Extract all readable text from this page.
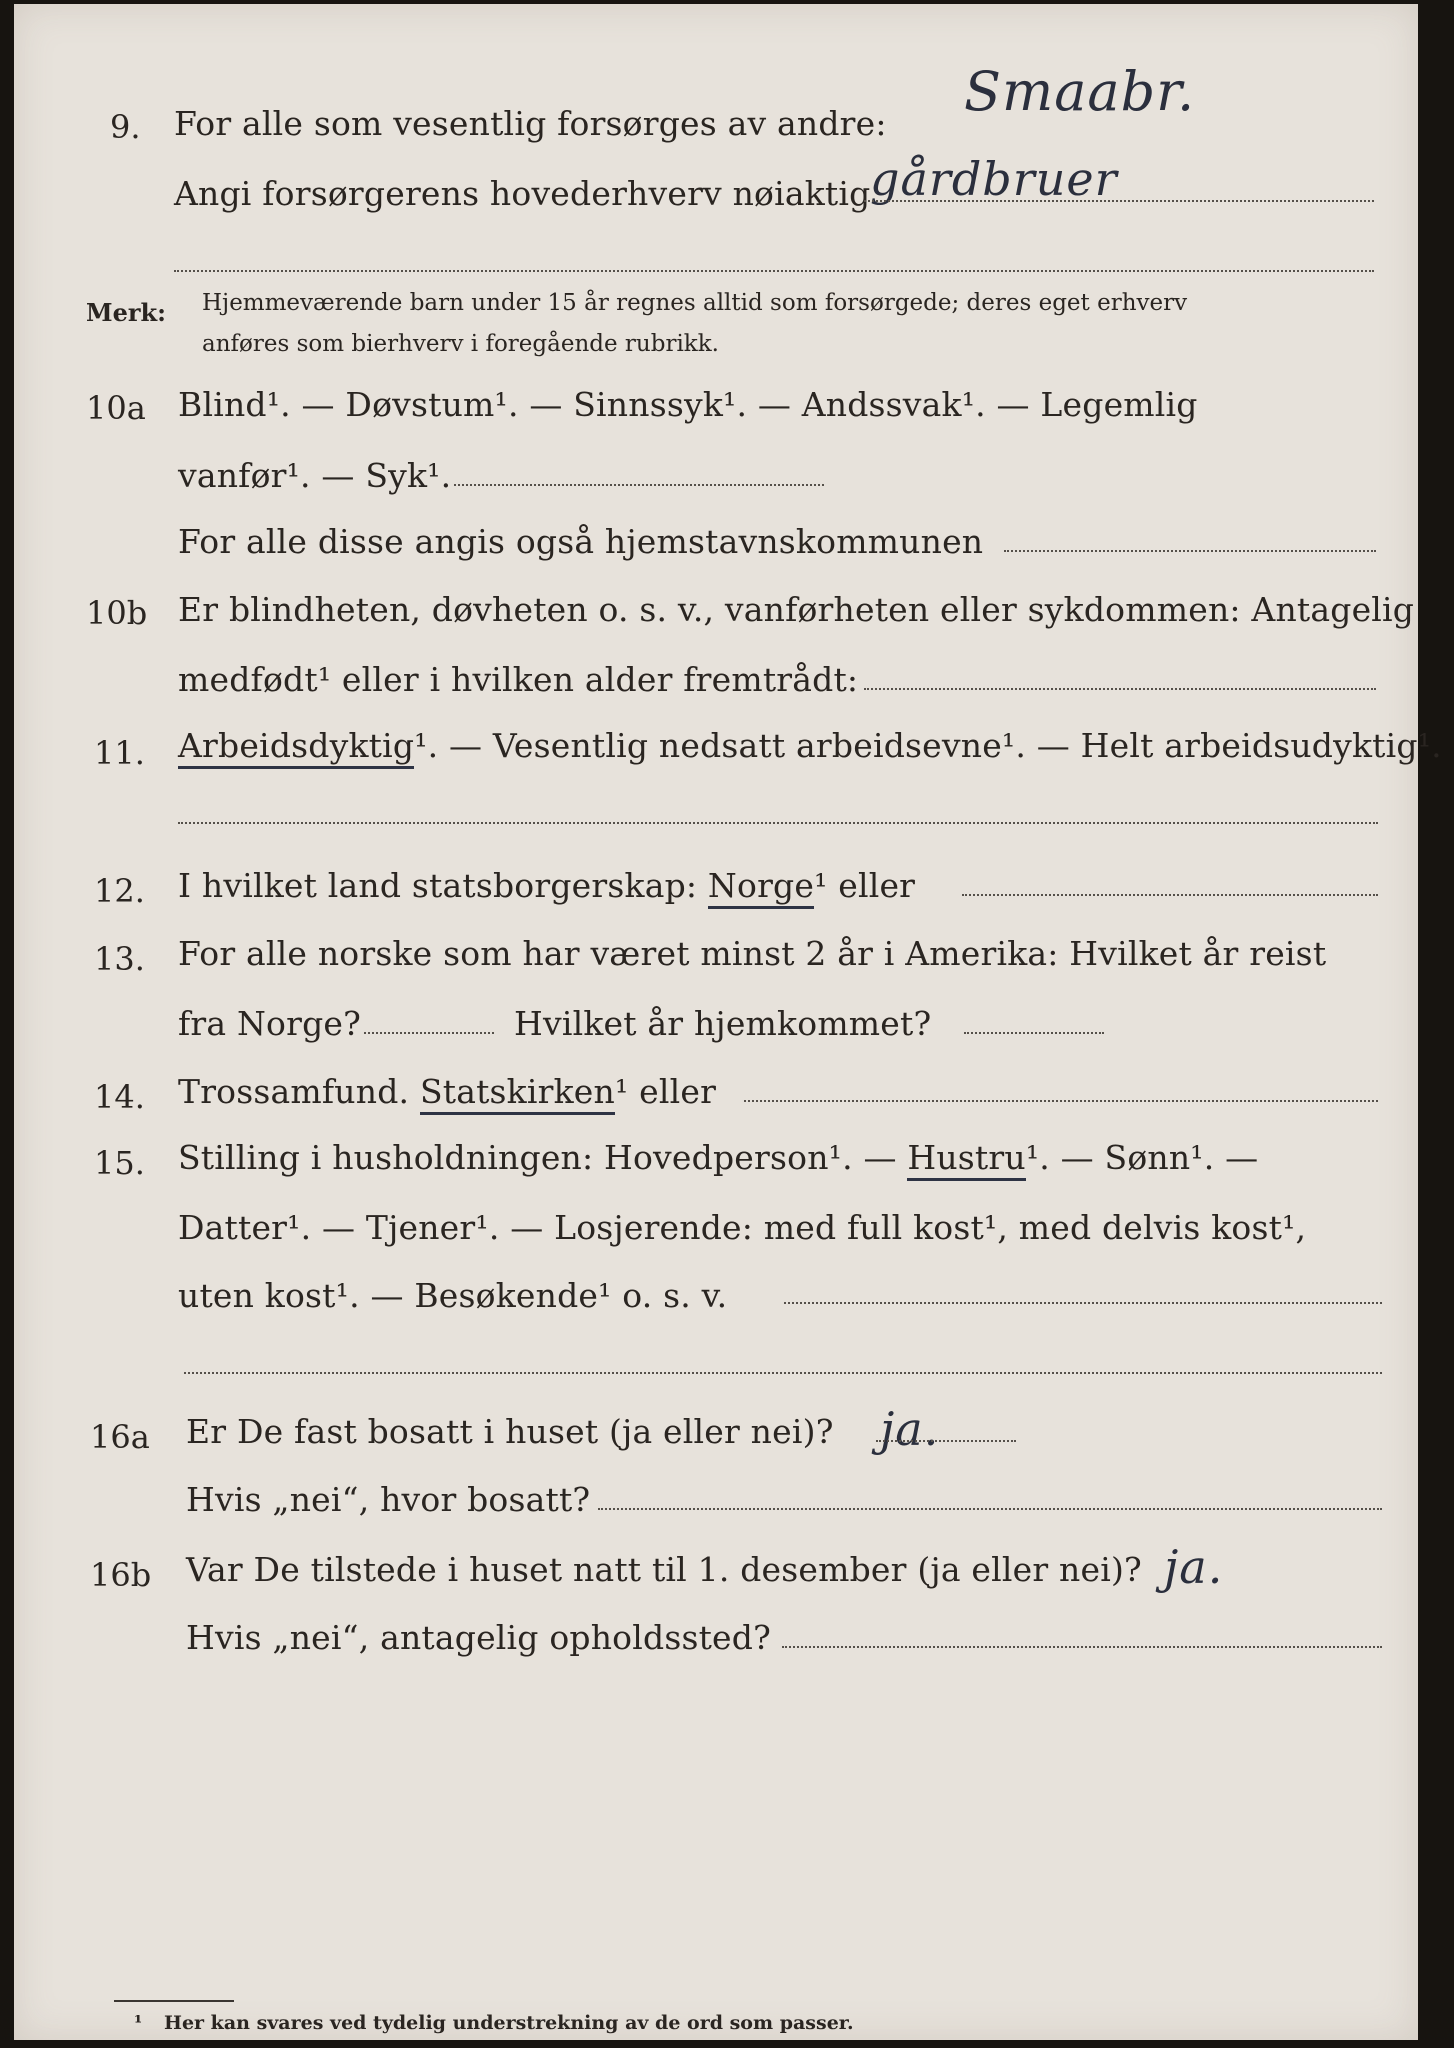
9. For alle som vesentlig forsørges av andre:
Smaabr.
Angi forsørgerens hovederhverv nøiaktig gårdbruer
Merk: Hjemmeværende barn under 15 år regnes alltid som forsørgede; deres eget erhverv
anføres som bierhverv i foregående rubrikk.
10a Blind¹. — Døvstum¹. — Sinnssyk¹. — Andssvak¹. — Legemlig
vanfør¹. — Syk¹.
For alle disse angis også hjemstavnskommunen
10b Er blindheten, døvheten o. s. v., vanførheten eller sykdommen: Antagelig
medfødt¹ eller i hvilken alder fremtrådt:
11. Arbeidsdyktig¹. — Vesentlig nedsatt arbeidsevne¹. — Helt arbeidsudyktig¹.
12. I hvilket land statsborgerskap: Norge¹ eller
13. For alle norske som har været minst 2 år i Amerika: Hvilket år reist
fra Norge?	Hvilket år hjemkommet?
14. Trossamfund. Statskirken¹ eller
15. Stilling i husholdningen: Hovedperson¹. — Hustru¹. — Sønn¹. —
Datter¹. — Tjener¹. — Losjerende: med full kost¹, med delvis kost¹,
uten kost¹. — Besøkende¹ o. s. v.
16a Er De fast bosatt i huset (ja eller nei)? ja.
Hvis „nei“, hvor bosatt?
16b Var De tilstede i huset natt til 1. desember (ja eller nei)? ja.
Hvis „nei“, antagelig opholdssted?
¹ Her kan svares ved tydelig understrekning av de ord som passer.
